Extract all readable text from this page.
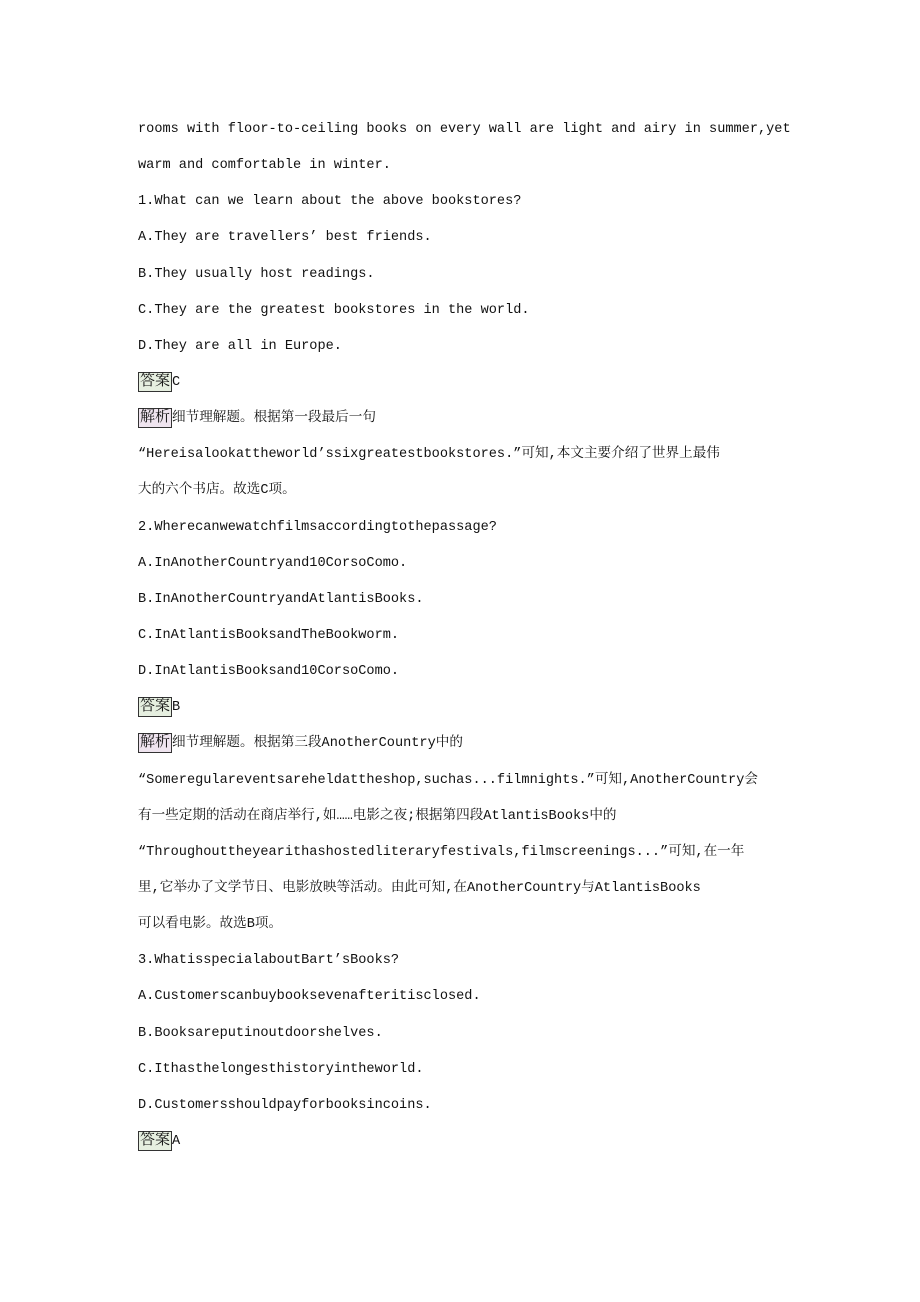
rooms with floor-to-ceiling books on every wall are light and airy in summer,yet
warm and comfortable in winter.
1.What can we learn about the above bookstores?
A.They are travellers’ best friends.
B.They usually host readings.
C.They are the greatest bookstores in the world.
D.They are all in Europe.
答案 C
解析 细节理解题。根据第一段最后一句
“Hereisalookattheworld’ssixgreatestbookstores.”可知,本文主要介绍了世界上最伟
大的六个书店。故选C项。
2.Wherecanwewatchfilmsaccordingtothepassage?
A.InAnotherCountryand10CorsoComo.
B.InAnotherCountryandAtlantisBooks.
C.InAtlantisBooksandTheBookworm.
D.InAtlantisBooksand10CorsoComo.
答案 B
解析 细节理解题。根据第三段AnotherCountry中的
“Someregulareventsareheldattheshop,suchas...filmnights.”可知,AnotherCountry会
有一些定期的活动在商店举行,如……电影之夜;根据第四段AtlantisBooks中的
“Throughouttheyearithashostedliteraryfestivals,filmscreenings...”可知,在一年
里,它举办了文学节日、电影放映等活动。由此可知,在AnotherCountry与AtlantisBooks
可以看电影。故选B项。
3.WhatisspecialaboutBart’sBooks?
A.Customerscanbuybooksevenafteritisclosed.
B.Booksareputinoutdoorshelves.
C.Ithasthelongesthistoryintheworld.
D.Customersshouldpayforbooksincoins.
答案 A
